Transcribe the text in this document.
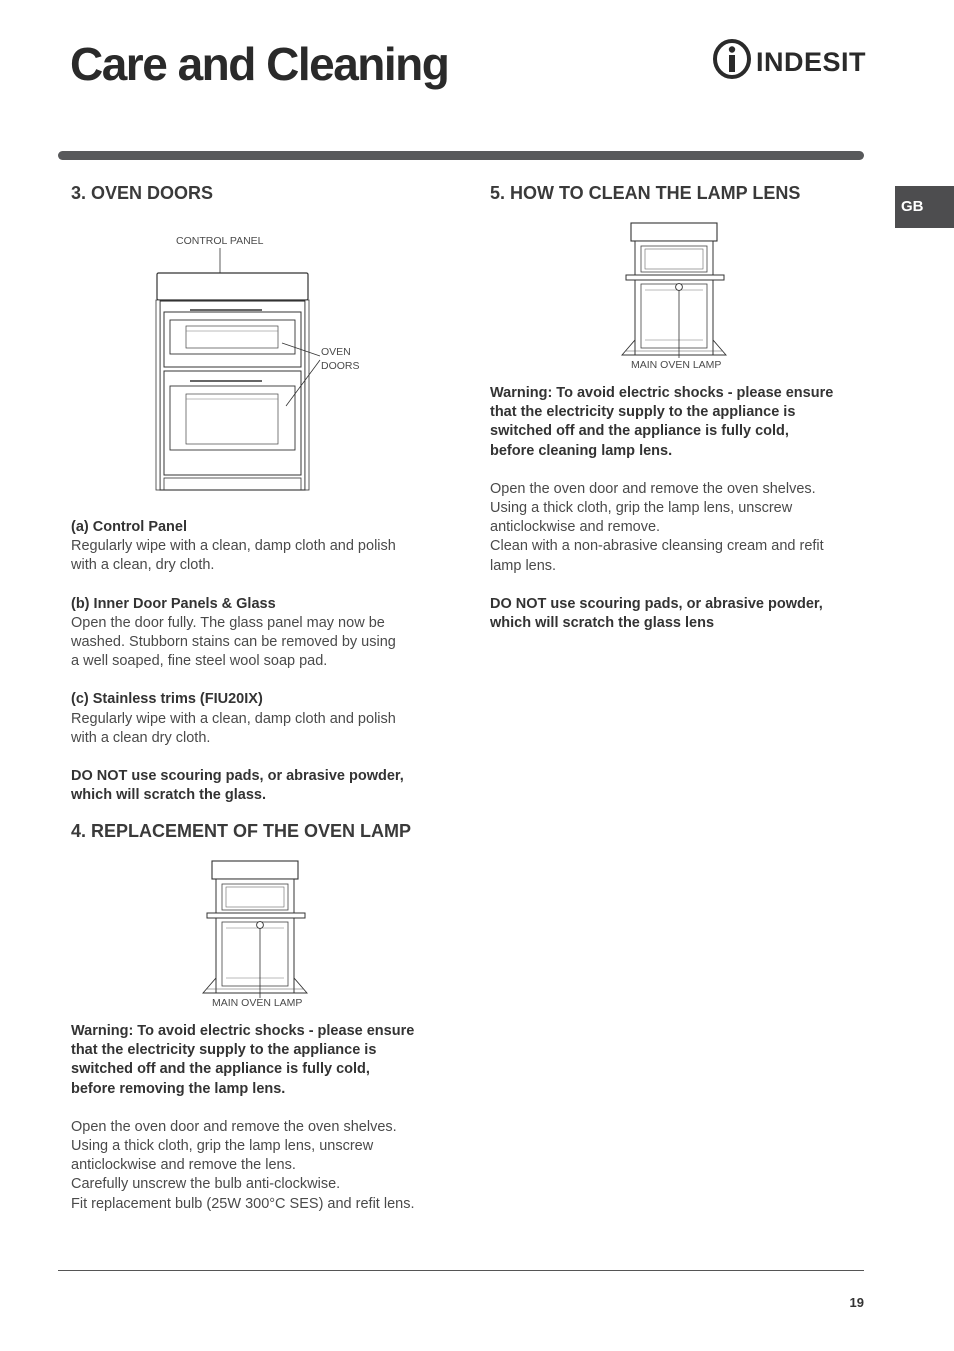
Care and Cleaning	INDESIT
GB
3. OVEN DOORS
CONTROL PANEL
OVEN
DOORS

(a) Control Panel

Regularly wipe with a clean, damp cloth and polish

with a clean, dry cloth.

(b) Inner Door Panels & Glass

Open the door fully. The glass panel may now be

washed. Stubborn stains can be removed by using

a well soaped, fine steel wool soap pad.

(c) Stainless trims (FIU20IX)

Regularly wipe with a clean, damp cloth and polish

with a clean dry cloth.

DO NOT use scouring pads, or abrasive powder,

which will scratch the glass.

4. REPLACEMENT OF THE OVEN LAMP
MAIN OVEN LAMP

Warning: To avoid electric shocks - please ensure

that the electricity supply to the appliance is

switched off and the appliance is fully cold,

before removing the lamp lens.

Open the oven door and remove the oven shelves.

Using a thick cloth, grip the lamp lens, unscrew

anticlockwise and remove the lens.

Carefully unscrew the bulb anti-clockwise.

Fit replacement bulb (25W 300°C SES) and refit lens.

5. HOW TO CLEAN THE LAMP LENS
MAIN OVEN LAMP

Warning: To avoid electric shocks - please ensure

that the electricity supply to the appliance is

switched off and the appliance is fully cold,

before cleaning lamp lens.

Open the oven door and remove the oven shelves.

Using a thick cloth, grip the lamp lens, unscrew

anticlockwise and remove.

Clean with a non-abrasive cleansing cream and refit

lamp lens.

DO NOT use scouring pads, or abrasive powder,

which will scratch the glass lens

19
